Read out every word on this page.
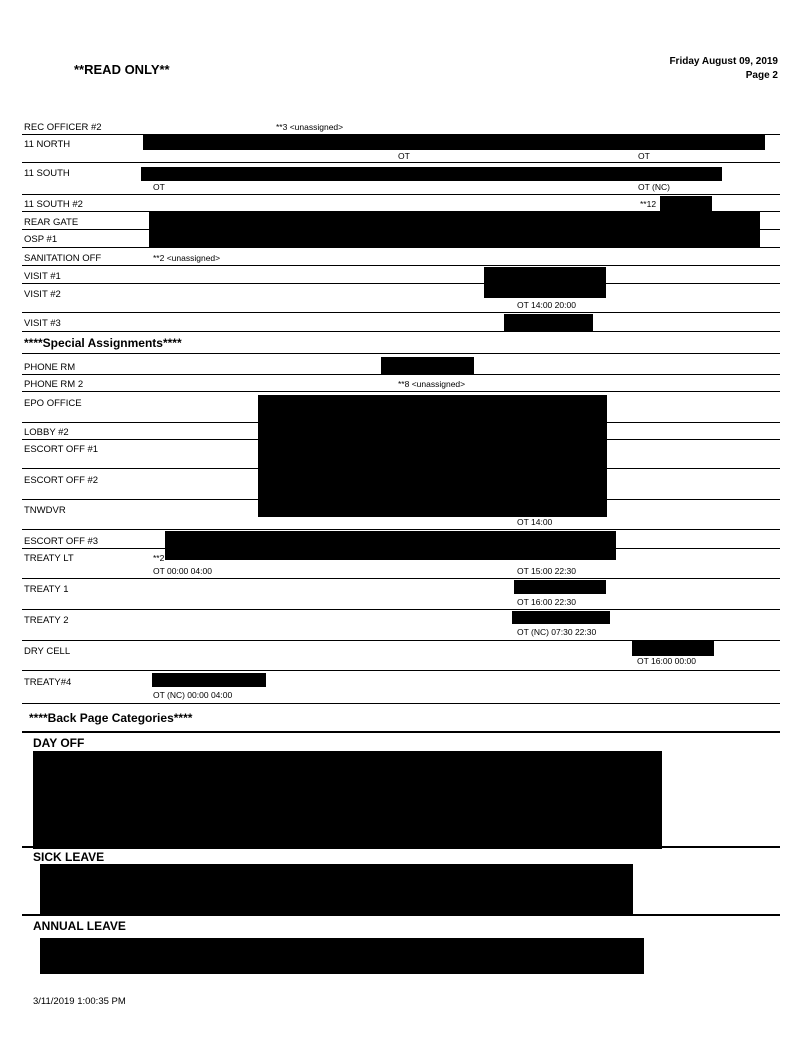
**READ ONLY**
Friday August 09, 2019
Page 2
REC OFFICER #2	**3 <unassigned>
11 NORTH
OT	OT
11 SOUTH
OT	OT (NC)
11 SOUTH #2	**12
REAR GATE
OSP #1
SANITATION OFF	**2 <unassigned>
VISIT #1
VISIT #2
OT 14:00 20:00
VISIT #3
****Special Assignments****
PHONE RM
PHONE RM 2	**8 <unassigned>
EPO OFFICE
LOBBY #2
ESCORT OFF #1
ESCORT OFF #2
TNWDVR
OT 14:00
ESCORT OFF #3
TREATY LT	**2
OT 00:00 04:00	OT 15:00 22:30
TREATY 1
OT 16:00 22:30
TREATY 2
OT (NC) 07:30 22:30
DRY CELL
OT 16:00 00:00
TREATY#4
OT (NC) 00:00 04:00
****Back Page Categories****
DAY OFF
SICK LEAVE
ANNUAL LEAVE
3/11/2019 1:00:35 PM
